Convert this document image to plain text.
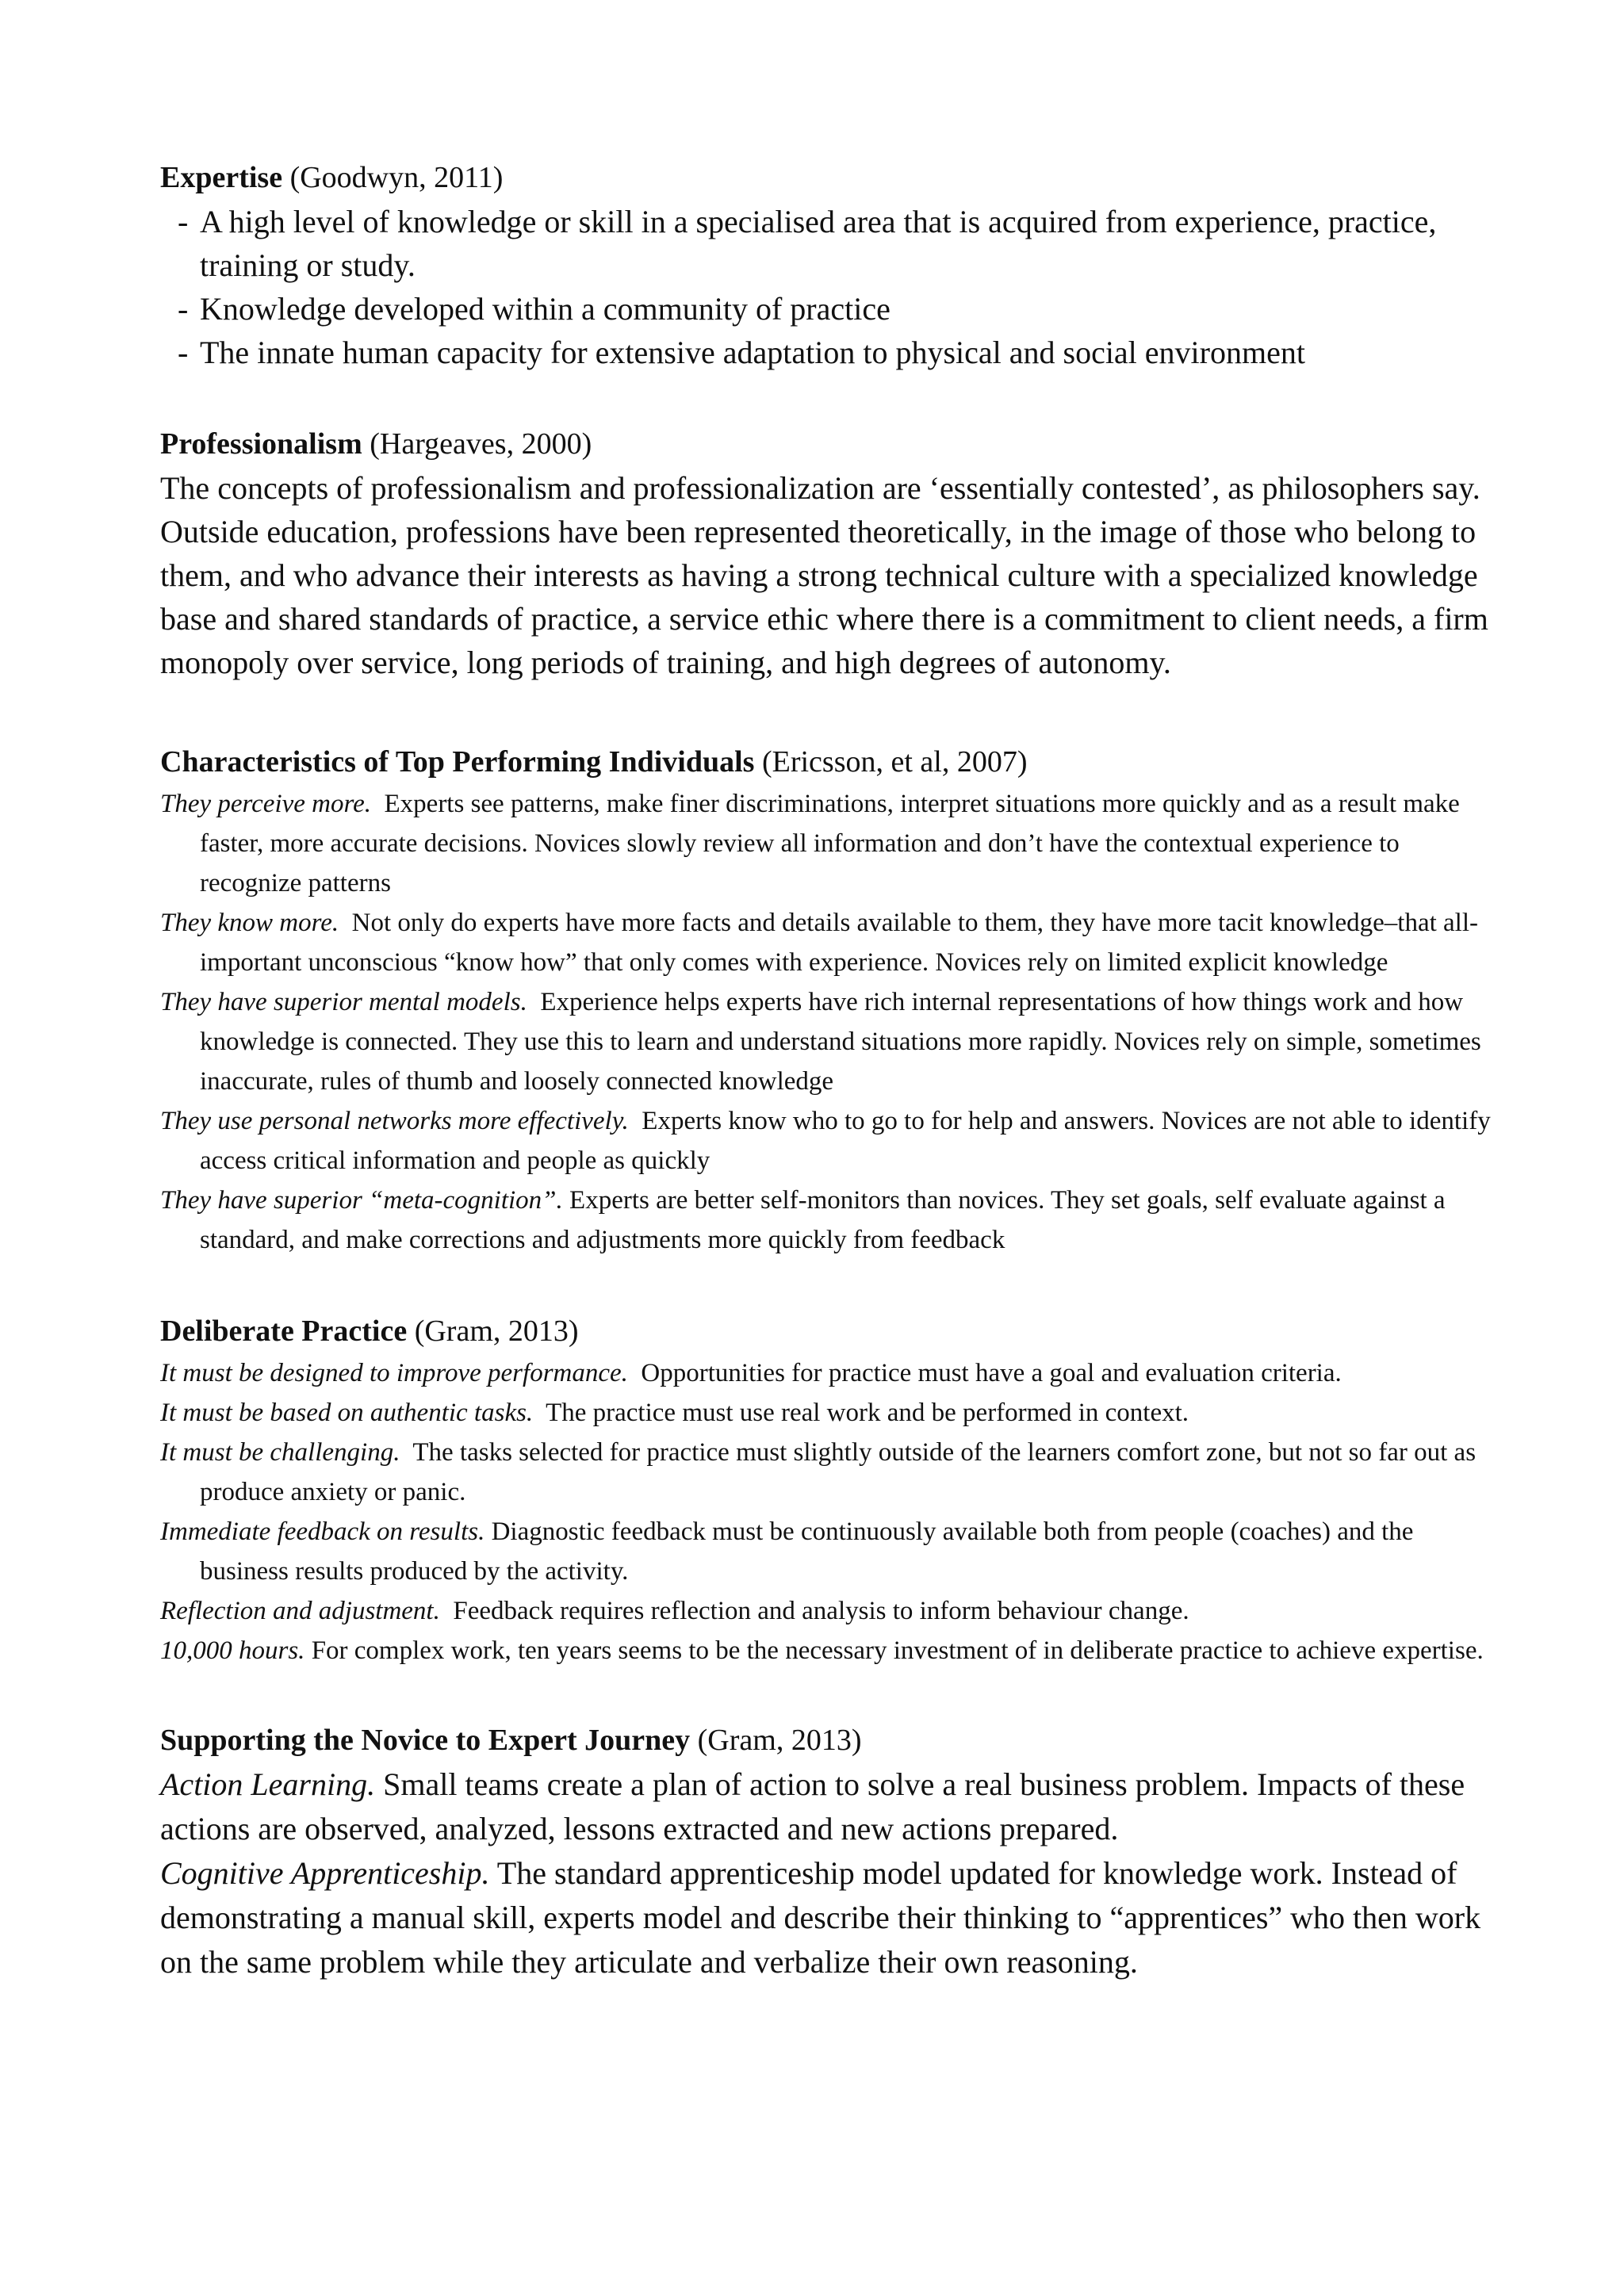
Expertise (Goodwyn, 2011)

-A high level of knowledge or skill in a specialised area that is acquired from experience, practice, training or study.
-Knowledge developed within a community of practice
-The innate human capacity for extensive adaptation to physical and social environment

Professionalism (Hargeaves, 2000)

The concepts of professionalism and professionalization are ‘essentially contested’, as philosophers say. Outside education, professions have been represented theoretically, in the image of those who belong to them, and who advance their interests as having a strong technical culture with a specialized knowledge base and shared standards of practice, a service ethic where there is a commitment to client needs, a firm monopoly over service, long periods of training, and high degrees of autonomy.

Characteristics of Top Performing Individuals (Ericsson, et al, 2007)

They perceive more. Experts see patterns, make finer discriminations, interpret situations more quickly and as a result make faster, more accurate decisions. Novices slowly review all information and don’t have the contextual experience to recognize patterns
They know more. Not only do experts have more facts and details available to them, they have more tacit knowledge–that all-important unconscious “know how” that only comes with experience. Novices rely on limited explicit knowledge
They have superior mental models. Experience helps experts have rich internal representations of how things work and how knowledge is connected. They use this to learn and understand situations more rapidly. Novices rely on simple, sometimes inaccurate, rules of thumb and loosely connected knowledge
They use personal networks more effectively. Experts know who to go to for help and answers. Novices are not able to identify access critical information and people as quickly
They have superior “meta-cognition”. Experts are better self-monitors than novices. They set goals, self evaluate against a standard, and make corrections and adjustments more quickly from feedback

Deliberate Practice (Gram, 2013)

It must be designed to improve performance. Opportunities for practice must have a goal and evaluation criteria.
It must be based on authentic tasks. The practice must use real work and be performed in context.
It must be challenging. The tasks selected for practice must slightly outside of the learners comfort zone, but not so far out as produce anxiety or panic.
Immediate feedback on results. Diagnostic feedback must be continuously available both from people (coaches) and the business results produced by the activity.
Reflection and adjustment. Feedback requires reflection and analysis to inform behaviour change.
10,000 hours. For complex work, ten years seems to be the necessary investment of in deliberate practice to achieve expertise.

Supporting the Novice to Expert Journey (Gram, 2013)

Action Learning. Small teams create a plan of action to solve a real business problem. Impacts of these actions are observed, analyzed, lessons extracted and new actions prepared.
Cognitive Apprenticeship. The standard apprenticeship model updated for knowledge work. Instead of demonstrating a manual skill, experts model and describe their thinking to “apprentices” who then work on the same problem while they articulate and verbalize their own reasoning.
